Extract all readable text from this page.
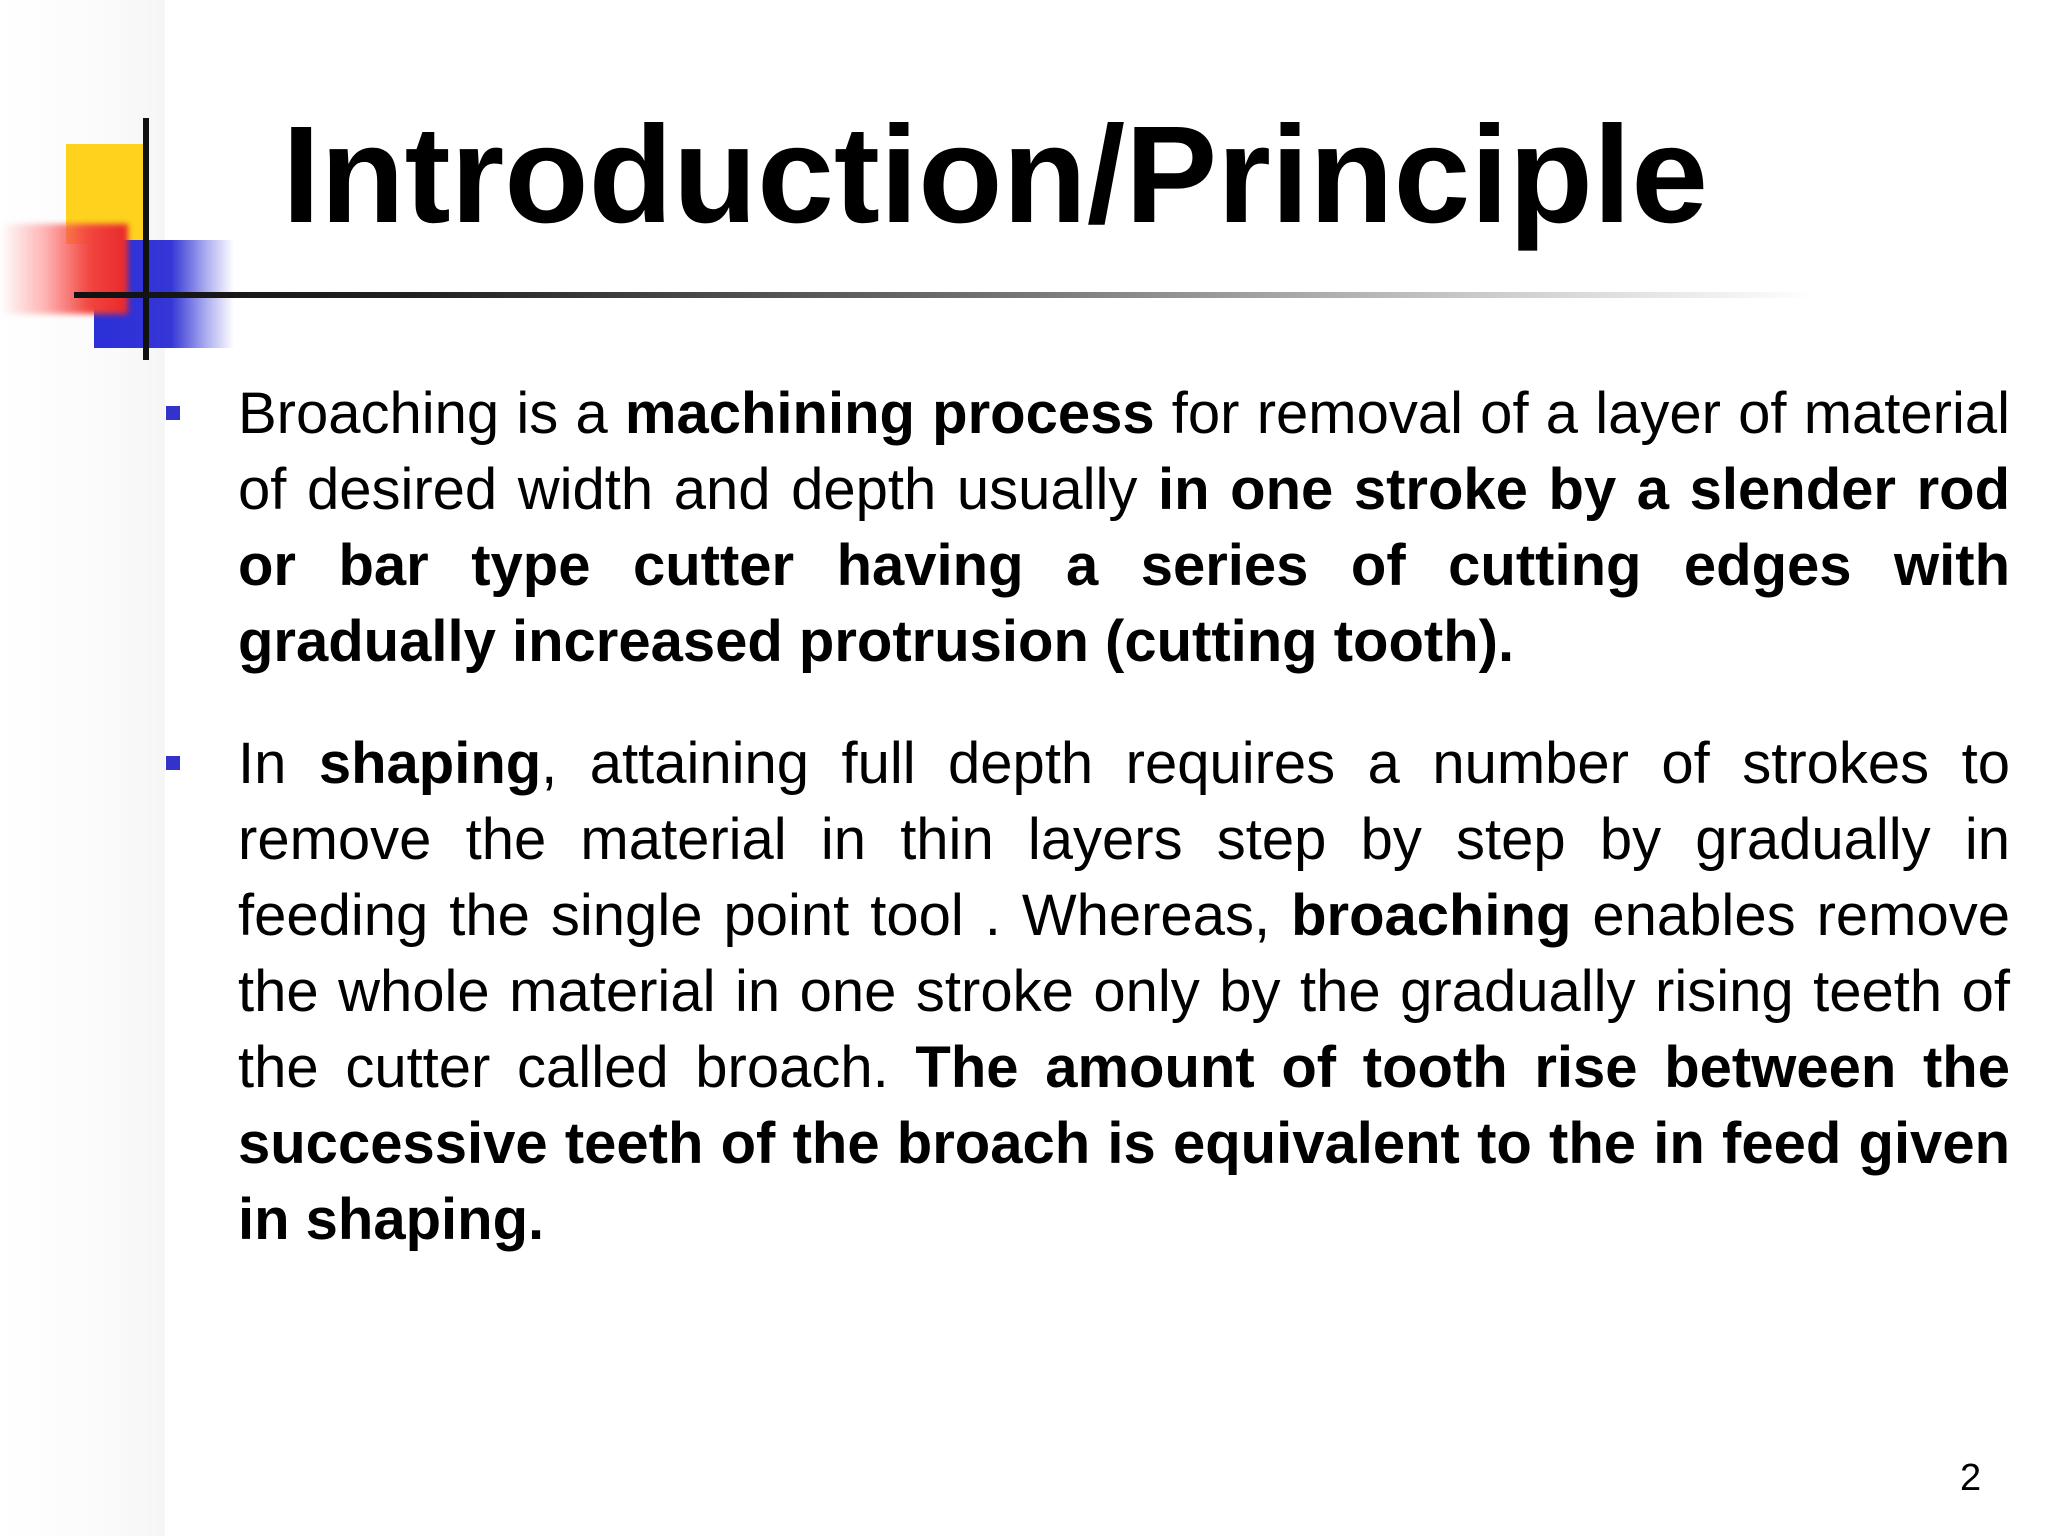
Introduction/Principle
Broaching is a machining process for removal of a layer of material of desired width and depth usually in one stroke by a slender rod or bar type cutter having a series of cutting edges with gradually increased protrusion (cutting tooth).
In shaping, attaining full depth requires a number of strokes to remove the material in thin layers step by step by gradually in feeding the single point tool . Whereas, broaching enables remove the whole material in one stroke only by the gradually rising teeth of the cutter called broach. The amount of tooth rise between the successive teeth of the broach is equivalent to the in feed given in shaping.
2
